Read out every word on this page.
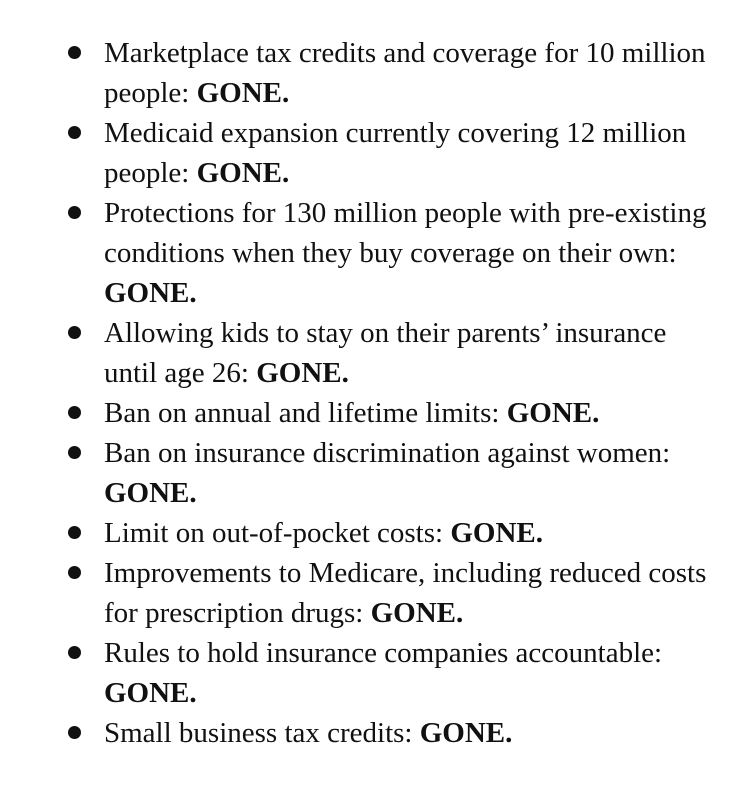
Marketplace tax credits and coverage for 10 million people: GONE.
Medicaid expansion currently covering 12 million people: GONE.
Protections for 130 million people with pre-existing conditions when they buy coverage on their own: GONE.
Allowing kids to stay on their parents’ insurance until age 26: GONE.
Ban on annual and lifetime limits: GONE.
Ban on insurance discrimination against women: GONE.
Limit on out-of-pocket costs: GONE.
Improvements to Medicare, including reduced costs for prescription drugs: GONE.
Rules to hold insurance companies accountable: GONE.
Small business tax credits: GONE.
